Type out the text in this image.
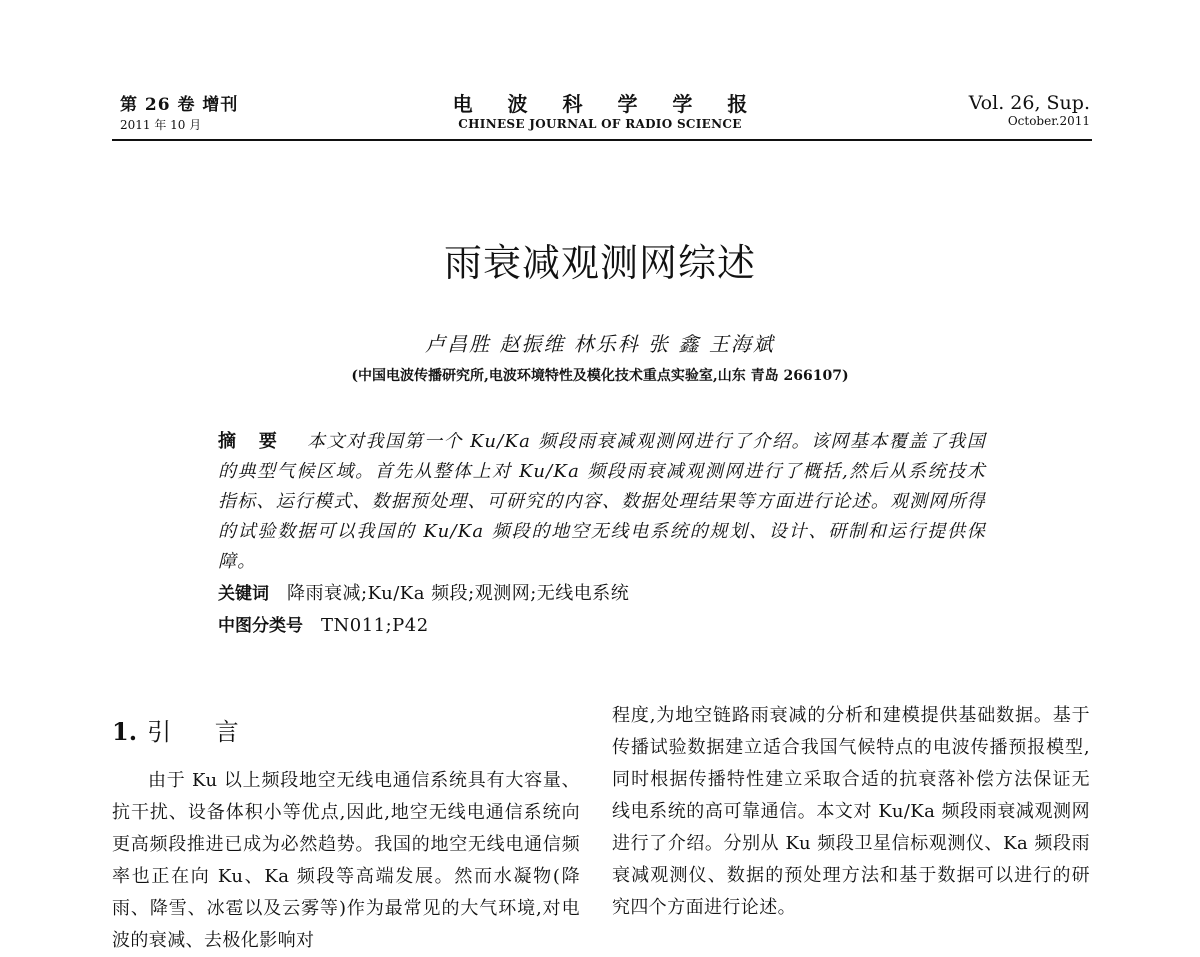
第 26 卷 增刊
2011 年 10 月
电 波 科 学 学 报
CHINESE JOURNAL OF RADIO SCIENCE
Vol. 26, Sup.
October.2011
雨衰减观测网综述
卢昌胜 赵振维 林乐科 张 鑫 王海斌
(中国电波传播研究所,电波环境特性及模化技术重点实验室,山东 青岛 266107)
摘 要 本文对我国第一个 Ku/Ka 频段雨衰减观测网进行了介绍。该网基本覆盖了我国的典型气候区域。首先从整体上对 Ku/Ka 频段雨衰减观测网进行了概括,然后从系统技术指标、运行模式、数据预处理、可研究的内容、数据处理结果等方面进行论述。观测网所得的试验数据可以我国的 Ku/Ka 频段的地空无线电系统的规划、设计、研制和运行提供保障。
关键词 降雨衰减;Ku/Ka 频段;观测网;无线电系统
中图分类号 TN011;P42
1. 引 言

由于 Ku 以上频段地空无线电通信系统具有大容量、抗干扰、设备体积小等优点,因此,地空无线电通信系统向更高频段推进已成为必然趋势。我国的地空无线电通信频率也正在向 Ku、Ka 频段等高端发展。然而水凝物(降雨、降雪、冰雹以及云雾等)作为最常见的大气环境,对电波的衰减、去极化影响对

程度,为地空链路雨衰减的分析和建模提供基础数据。基于传播试验数据建立适合我国气候特点的电波传播预报模型,同时根据传播特性建立采取合适的抗衰落补偿方法保证无线电系统的高可靠通信。本文对 Ku/Ka 频段雨衰减观测网进行了介绍。分别从 Ku 频段卫星信标观测仪、Ka 频段雨衰减观测仪、数据的预处理方法和基于数据可以进行的研究四个方面进行论述。
